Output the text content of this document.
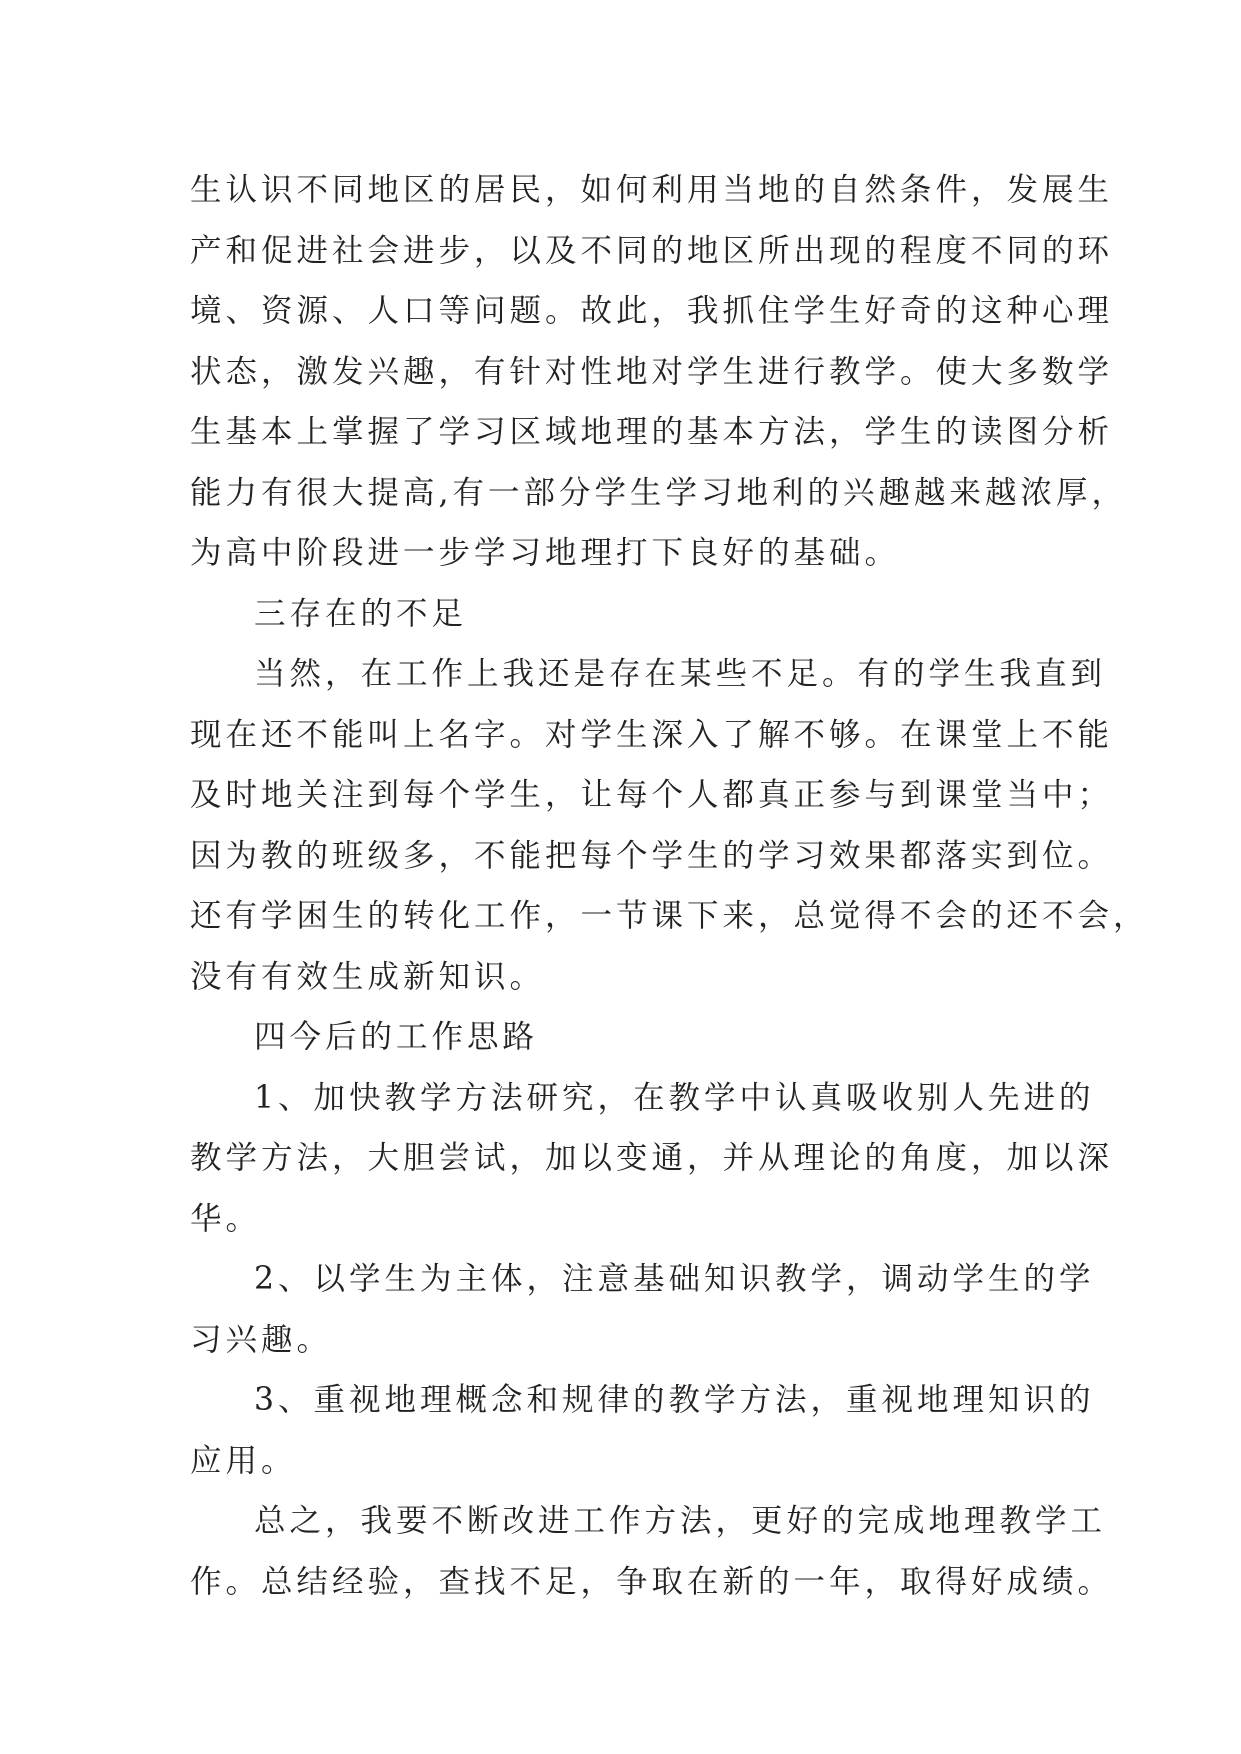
生认识不同地区的居民，如何利用当地的自然条件，发展生
产和促进社会进步，以及不同的地区所出现的程度不同的环
境、资源、人口等问题。故此，我抓住学生好奇的这种心理
状态，激发兴趣，有针对性地对学生进行教学。使大多数学
生基本上掌握了学习区域地理的基本方法，学生的读图分析
能力有很大提高,有一部分学生学习地利的兴趣越来越浓厚，
为高中阶段进一步学习地理打下良好的基础。
三存在的不足
当然，在工作上我还是存在某些不足。有的学生我直到
现在还不能叫上名字。对学生深入了解不够。在课堂上不能
及时地关注到每个学生，让每个人都真正参与到课堂当中；
因为教的班级多，不能把每个学生的学习效果都落实到位。
还有学困生的转化工作，一节课下来，总觉得不会的还不会，
没有有效生成新知识。
四今后的工作思路
1、加快教学方法研究，在教学中认真吸收别人先进的
教学方法，大胆尝试，加以变通，并从理论的角度，加以深
华。
2、以学生为主体，注意基础知识教学，调动学生的学
习兴趣。
3、重视地理概念和规律的教学方法，重视地理知识的
应用。
总之，我要不断改进工作方法，更好的完成地理教学工
作。总结经验，查找不足，争取在新的一年，取得好成绩。
